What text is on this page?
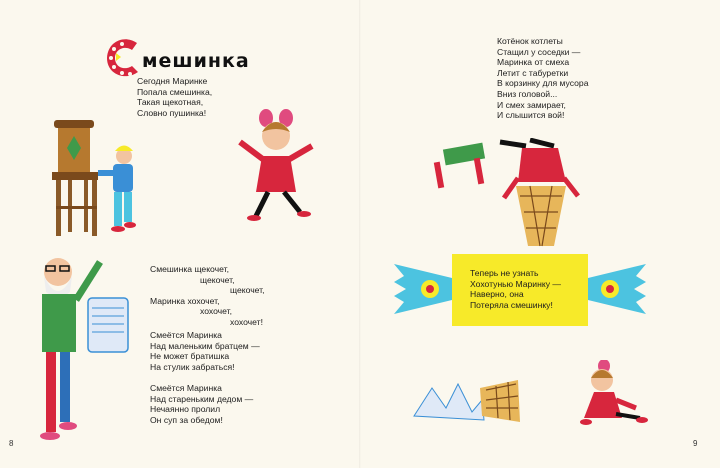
мешинка
Сегодня Маринке
Попала смешинка,
Такая щекотная,
Словно пушинка!
Смешинка щекочет,
щекочет,
щекочет,
Маринка хохочет,
хохочет,
хохочет!
Смеётся Маринка
Над маленьким братцем —
Не может братишка
На стулик забраться!
Смеётся Маринка
Над стареньким дедом —
Нечаянно пролил
Он суп за обедом!
8
Котёнок котлеты
Стащил у соседки —
Маринка от смеха
Летит с табуретки
В корзинку для мусора
Вниз головой...
И смех замирает,
И слышится вой!
Теперь не узнать
Хохотунью Маринку —
Наверно, она
Потеряла смешинку!
9
